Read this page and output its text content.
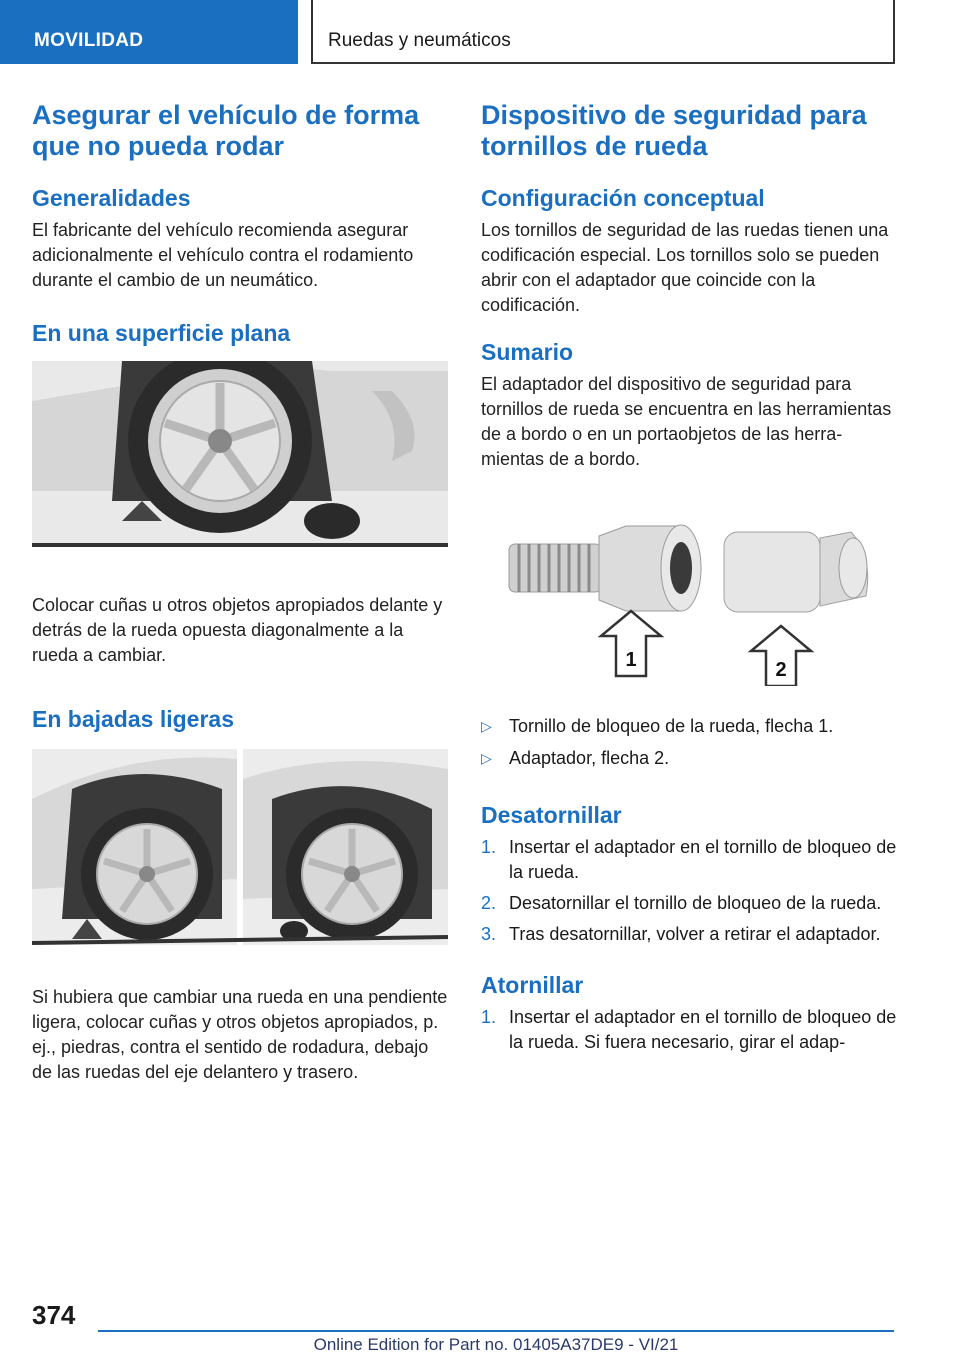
MOVILIDAD	Ruedas y neumáticos
Asegurar el vehículo de forma que no pueda rodar
Generalidades

El fabricante del vehículo recomienda asegurar adicionalmente el vehículo contra el rodamiento durante el cambio de un neumático.

En una superficie plana

Colocar cuñas u otros objetos apropiados delante y detrás de la rueda opuesta diagonalmente a la rueda a cambiar.

En bajadas ligeras

Si hubiera que cambiar una rueda en una pendiente ligera, colocar cuñas y otros objetos apropiados, p. ej., piedras, contra el sentido de rodadura, debajo de las ruedas del eje delantero y trasero.

Dispositivo de seguridad para tornillos de rueda
Configuración conceptual

Los tornillos de seguridad de las ruedas tienen una codificación especial. Los tornillos solo se pueden abrir con el adaptador que coincide con la codificación.

Sumario

El adaptador del dispositivo de seguridad para tornillos de rueda se encuentra en las herramientas de a bordo o en un portaobjetos de las herramientas de a bordo.

1	2
▷ Tornillo de bloqueo de la rueda, flecha 1.
▷ Adaptador, flecha 2.
Desatornillar
1. Insertar el adaptador en el tornillo de bloqueo de la rueda.
2. Desatornillar el tornillo de bloqueo de la rueda.
3. Tras desatornillar, volver a retirar el adaptador.
Atornillar
1. Insertar el adaptador en el tornillo de bloqueo de la rueda. Si fuera necesario, girar el adap-
374
Online Edition for Part no. 01405A37DE9 - VI/21
